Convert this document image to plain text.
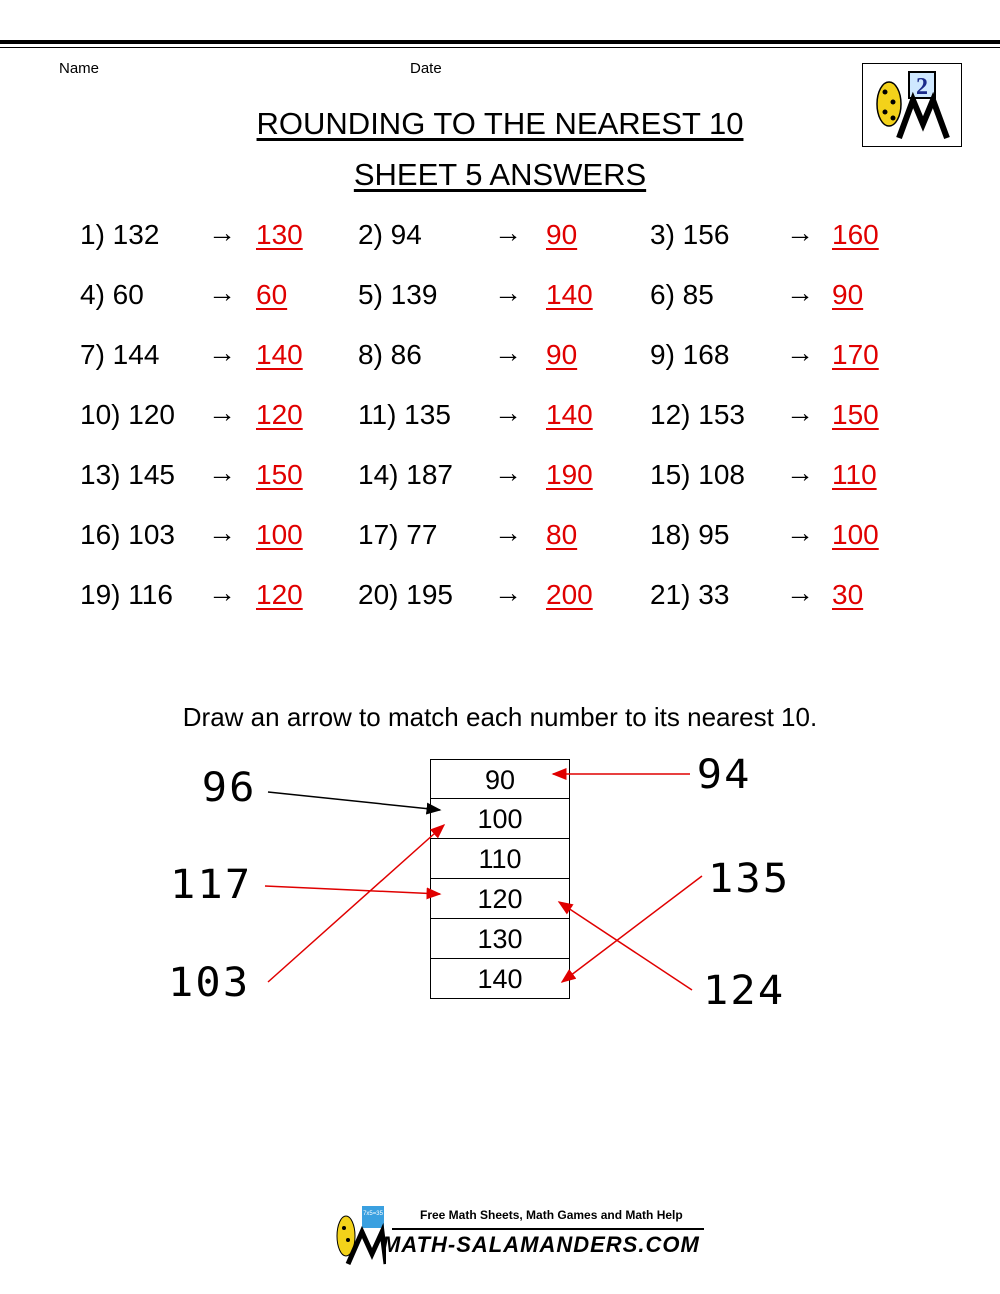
Name	Date
2
ROUNDING TO THE NEAREST 10
SHEET 5 ANSWERS
1) 132 → 130 2) 94	→ 90	3) 156 → 160
4) 60 → 60	5) 139 → 140 6) 85	→ 90
7) 144 → 140 8) 86	→ 90	9) 168 → 170
10) 120 → 120 11) 135 → 140 12) 153 → 150
13) 145 → 150 14) 187 → 190 15) 108 → 110
16) 103 → 100 17) 77 → 80	18) 95 → 100
19) 116 → 120 20) 195 → 200 21) 33 → 30
Draw an arrow to match each number to its nearest 10.
90
100
110
120
130
140
96
117
103
94
135
124
7x5=35	Free Math Sheets, Math Games and Math Help
MATH-SALAMANDERS.COM
